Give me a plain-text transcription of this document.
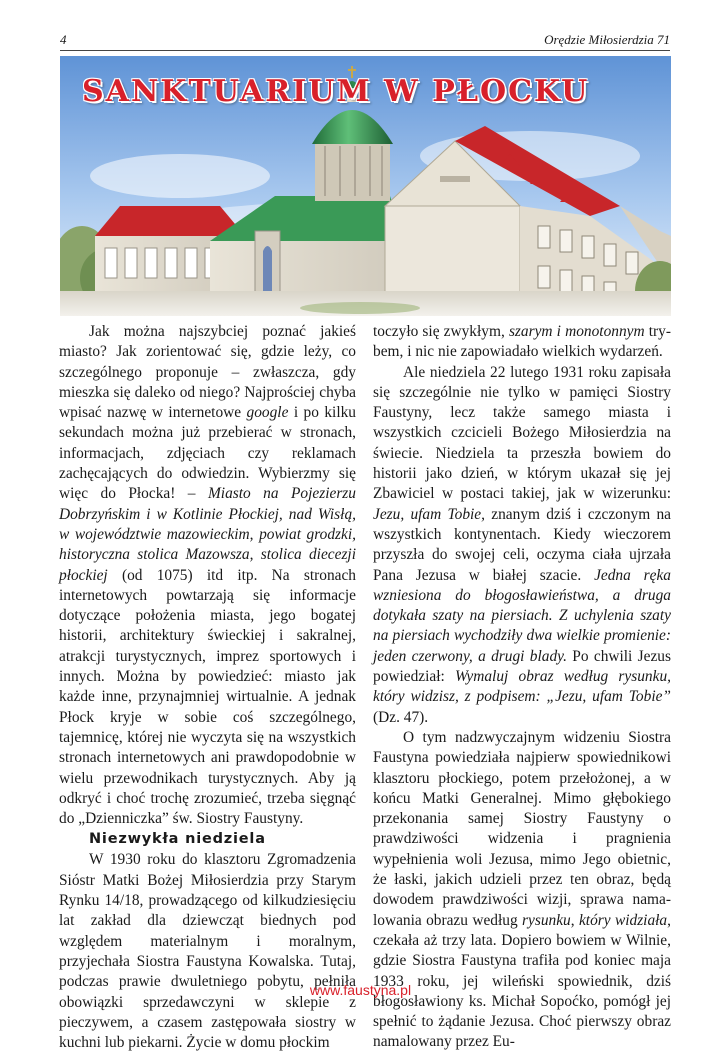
4	Orędzie Miłosierdzia 71
SANKTUARIUM W PŁOCKU

Jak można najszybciej poznać jakieś miasto? Jak zorientować się, gdzie leży, co szczególnego proponuje – zwłaszcza, gdy mieszka się daleko od niego? Najprościej chyba wpisać nazwę w internetowe google i po kilku sekundach można już przebierać w stronach, informacjach, zdjęciach czy reklamach zachęcających do odwiedzin. Wybierzmy się więc do Płocka! – Miasto na Pojezierzu Dobrzyńskim i w Kotlinie Płockiej, nad Wisłą, w województwie mazowieckim, powiat grodzki, historyczna stolica Mazowsza, stolica diecezji płockiej (od 1075) itd itp. Na stronach internetowych powtarzają się informacje dotyczące położenia miasta, jego bogatej historii, architektury świeckiej i sakralnej, atrakcji turystycznych, imprez sportowych i innych. Można by powiedzieć: miasto jak każde inne, przynajmniej wirtualnie. A jednak Płock kryje w sobie coś szczególnego, tajemnicę, której nie wyczyta się na wszystkich stronach internetowych ani prawdopodobnie w wielu przewodnikach turystycznych. Aby ją odkryć i choć trochę zrozumieć, trzeba sięgnąć do „Dzienniczka” św. Siostry Faustyny.

Niezwykła niedziela

W 1930 roku do klasztoru Zgromadzenia Sióstr Matki Bożej Miłosierdzia przy Starym Rynku 14/18, prowadzącego od kilkudziesięciu lat zakład dla dziewcząt biednych pod względem materialnym i moralnym, przyjechała Siostra Faustyna Kowalska. Tutaj, podczas prawie dwuletniego pobytu, pełniła obowiązki sprzedawczyni w sklepie z pieczywem, a czasem zastępowała siostry w kuchni lub piekarni. Życie w domu płockim

toczyło się zwykłym, szarym i monotonnym trybem, i nic nie zapowiadało wielkich wydarzeń.

Ale niedziela 22 lutego 1931 roku zapisała się szczególnie nie tylko w pamięci Siostry Faustyny, lecz także samego miasta i wszystkich czcicieli Bożego Miłosierdzia na świecie. Niedziela ta przeszła bowiem do historii jako dzień, w którym ukazał się jej Zbawiciel w postaci takiej, jak w wizerunku: Jezu, ufam Tobie, znanym dziś i czczonym na wszystkich kontynentach. Kiedy wieczorem przyszła do swojej celi, oczyma ciała ujrzała Pana Jezusa w białej szacie. Jedna ręka wzniesiona do błogosławieństwa, a druga dotykała szaty na piersiach. Z uchylenia szaty na piersiach wychodziły dwa wielkie promienie: jeden czerwony, a drugi blady. Po chwili Jezus powiedział: Wymaluj obraz według rysunku, który widzisz, z podpisem: „Jezu, ufam Tobie” (Dz. 47).

O tym nadzwyczajnym widzeniu Siostra Faustyna powiedziała najpierw spowiednikowi klasztoru płockiego, potem przełożonej, a w końcu Matki Generalnej. Mimo głębokiego przekonania samej Siostry Faustyny o prawdziwości widzenia i pragnienia wypełnienia woli Jezusa, mimo Jego obietnic, że łaski, jakich udzieli przez ten obraz, będą dowodem prawdziwości wizji, sprawa namalowania obrazu według rysunku, który widziała, czekała aż trzy lata. Dopiero bowiem w Wilnie, gdzie Siostra Faustyna trafiła pod koniec maja 1933 roku, jej wileński spowiednik, dziś błogosławiony ks. Michał Sopoćko, pomógł jej spełnić to żądanie Jezusa. Choć pierwszy obraz namalowany przez Eu-

www.faustyna.pl
